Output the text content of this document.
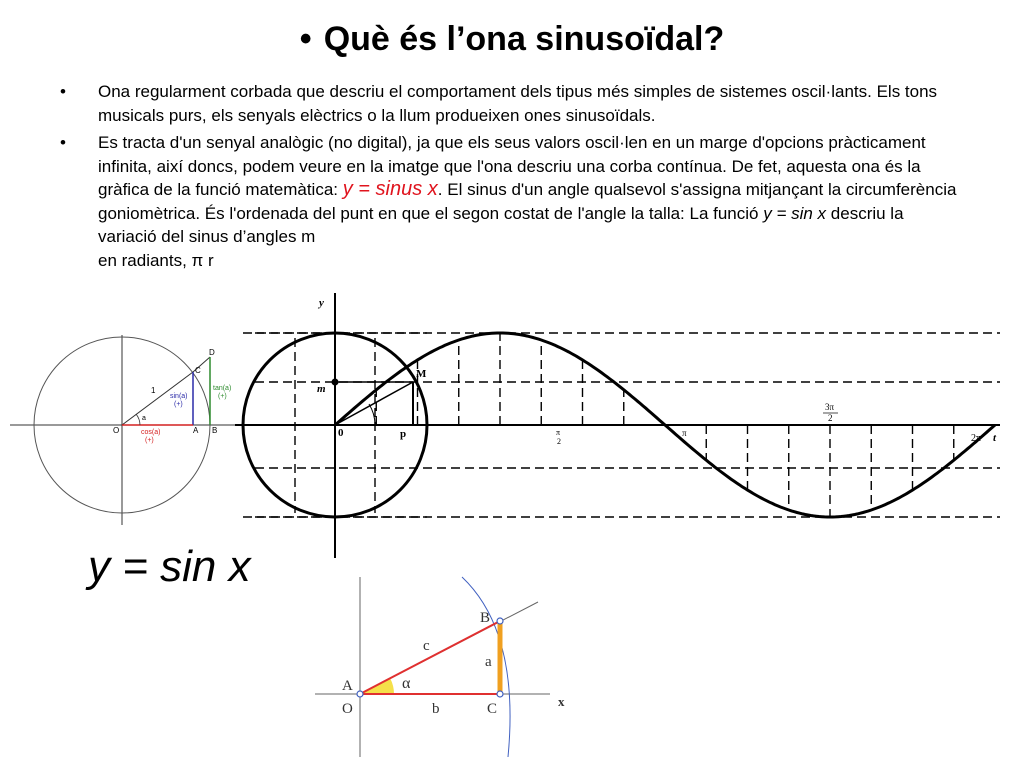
• Què és l’ona sinusoïdal?
• Ona regularment corbada que descriu el comportament dels tipus més simples de sistemes oscil·lants. Els tons musicals purs, els senyals elèctrics o la llum produeixen ones sinusoïdals.
• Es tracta d'un senyal analògic (no digital), ja que els seus valors oscil·len en un marge d'opcions pràcticament infinita, així doncs, podem veure en la imatge que l'ona descriu una corba contínua. De fet, aquesta ona és la gràfica de la funció matemàtica: y = sinus x. El sinus d'un angle qualsevol s'assigna mitjançant la circumferència goniomètrica. És l'ordenada del punt en que el segon costat de l'angle la talla: La funció y = sin x descriu la variació del sinus d’angles m
en radiants, π r
O	A B
C
D
1
a
sin(a)
(+)
cos(a)
(+)
tan(a)
(+)
y
m
M
0	p	π
2
π
3π
2
2π t
y = sin x
A
O
B
C	x
c
a
b
α
